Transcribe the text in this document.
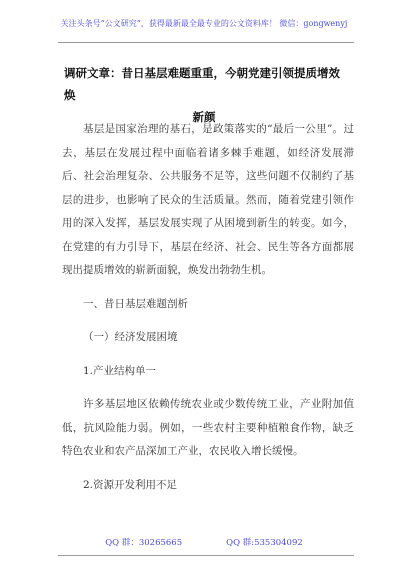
关注头条号“公文研究”，获得最新最全最专业的公文资料库！ 微信：gongwenyj
调研文章：昔日基层难题重重，今朝党建引领提质增效焕
新颜

基层是国家治理的基石，是政策落实的“最后一公里”。过去，基层在发展过程中面临着诸多棘手难题，如经济发展滞后、社会治理复杂、公共服务不足等，这些问题不仅制约了基层的进步，也影响了民众的生活质量。然而，随着党建引领作用的深入发挥，基层发展实现了从困境到新生的转变。如今，在党建的有力引导下，基层在经济、社会、民生等各方面都展现出提质增效的崭新面貌，焕发出勃勃生机。

一、昔日基层难题剖析

（一）经济发展困境

1.产业结构单一

许多基层地区依赖传统农业或少数传统工业，产业附加值低，抗风险能力弱。例如，一些农村主要种植粮食作物，缺乏特色农业和农产品深加工产业，农民收入增长缓慢。

2.资源开发利用不足

QQ 群：30265665	QQ 群:535304092
